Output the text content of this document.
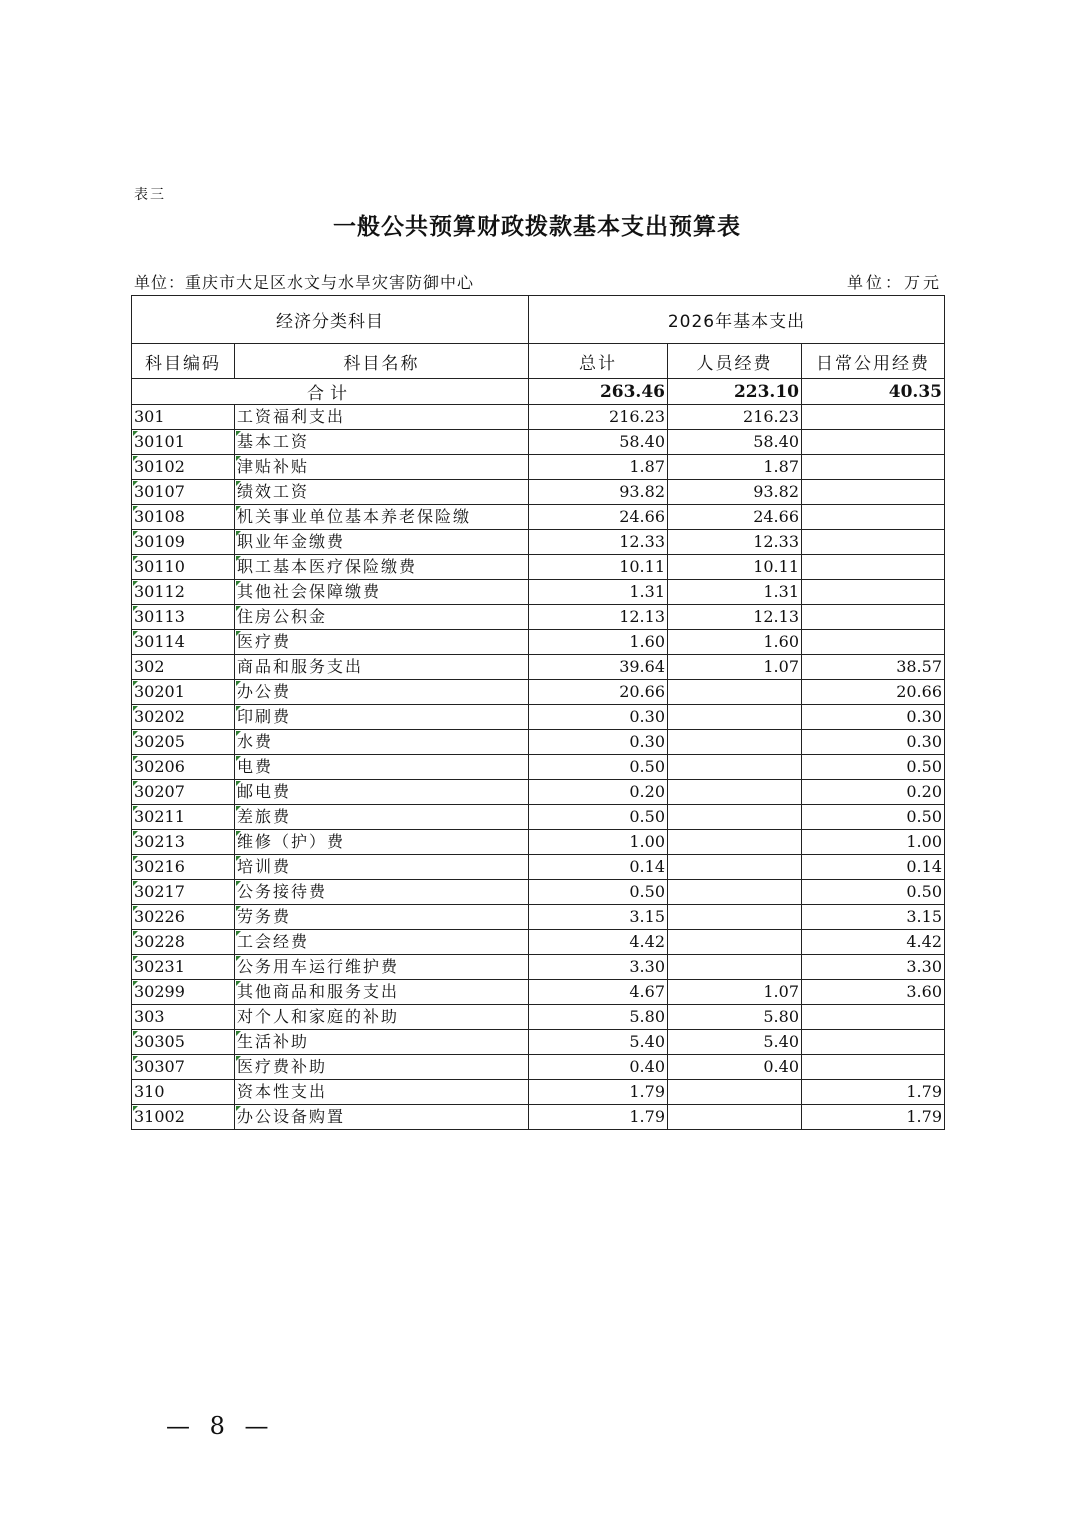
表三
一般公共预算财政拨款基本支出预算表
单位：重庆市大足区水文与水旱灾害防御中心	单位：万元
经济分类科目		2026年基本支出		
科目编码	科目名称	总计	人员经费	日常公用经费
合计		263.46	223.10	40.35
301	工资福利支出	216.23	216.23	
30101	基本工资	58.40	58.40	
30102	津贴补贴	1.87	1.87	
30107	绩效工资	93.82	93.82	
30108	机关事业单位基本养老保险缴	24.66	24.66	
30109	职业年金缴费	12.33	12.33	
30110	职工基本医疗保险缴费	10.11	10.11	
30112	其他社会保障缴费	1.31	1.31	
30113	住房公积金	12.13	12.13	
30114	医疗费	1.60	1.60	
302	商品和服务支出	39.64	1.07	38.57
30201	办公费	20.66		20.66
30202	印刷费	0.30		0.30
30205	水费	0.30		0.30
30206	电费	0.50		0.50
30207	邮电费	0.20		0.20
30211	差旅费	0.50		0.50
30213	维修（护）费	1.00		1.00
30216	培训费	0.14		0.14
30217	公务接待费	0.50		0.50
30226	劳务费	3.15		3.15
30228	工会经费	4.42		4.42
30231	公务用车运行维护费	3.30		3.30
30299	其他商品和服务支出	4.67	1.07	3.60
303	对个人和家庭的补助	5.80	5.80	
30305	生活补助	5.40	5.40	
30307	医疗费补助	0.40	0.40	
310	资本性支出	1.79		1.79
31002	办公设备购置	1.79		1.79
— 8 —
